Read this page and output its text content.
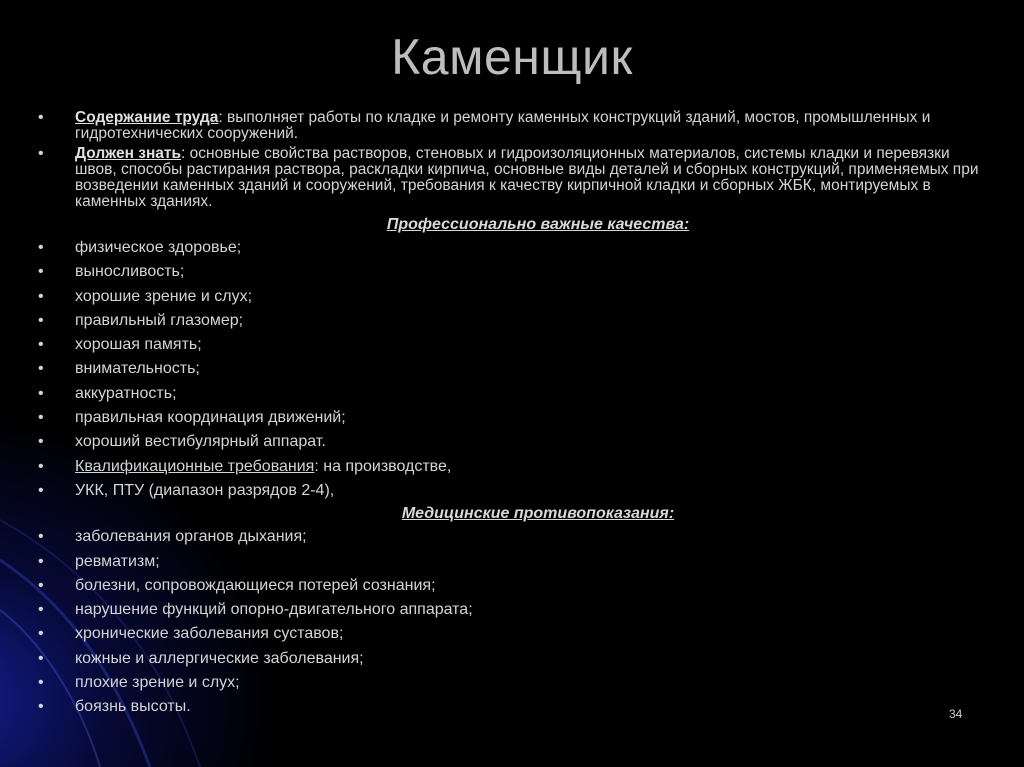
Каменщик
• Содержание труда: выполняет работы по кладке и ремонту каменных конструкций зданий, мостов, промышленных и гидротехнических сооружений.
• Должен знать: основные свойства растворов, стеновых и гидроизоляционных материалов, системы кладки и перевязки швов, способы растирания раствора, раскладки кирпича, основные виды деталей и сборных конструкций, применяемых при возведении каменных зданий и сооружений, требования к качеству кирпичной кладки и сборных ЖБК, монтируемых в каменных зданиях.
Профессионально важные качества:
• физическое здоровье;
• выносливость;
• хорошие зрение и слух;
• правильный глазомер;
• хорошая память;
• внимательность;
• аккуратность;
• правильная координация движений;
• хороший вестибулярный аппарат.
• Квалификационные требования: на производстве,
• УКК, ПТУ (диапазон разрядов 2-4),
Медицинские противопоказания:
• заболевания органов дыхания;
• ревматизм;
• болезни, сопровождающиеся потерей сознания;
• нарушение функций опорно-двигательного аппарата;
• хронические заболевания суставов;
• кожные и аллергические заболевания;
• плохие зрение и слух;
• боязнь высоты.	34
